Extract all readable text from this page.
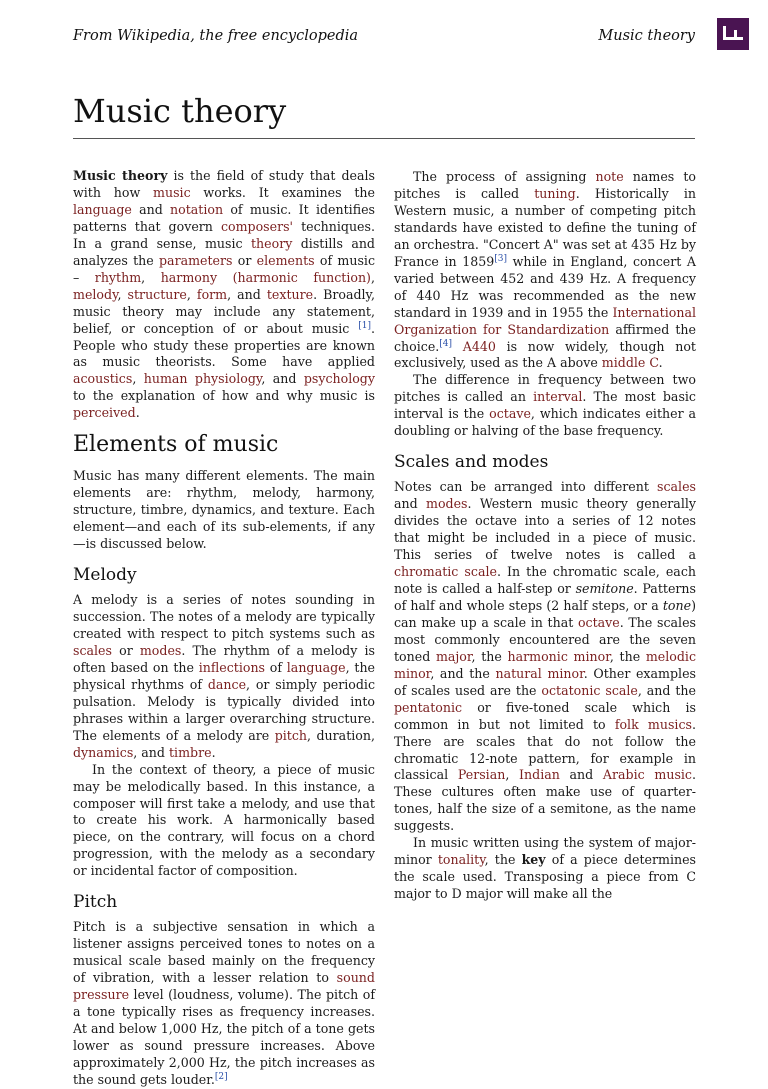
From Wikipedia, the free encyclopedia	Music theory
Music theory

Music theory is the field of study that deals with how music works. It examines the language and notation of music. It identifies patterns that govern composers' techniques. In a grand sense, music theory distills and analyzes the parameters or elements of music – rhythm, harmony (harmonic function), melody, structure, form, and texture. Broadly, music theory may include any statement, belief, or conception of or about music [1]. People who study these properties are known as music theorists. Some have applied acoustics, human physiology, and psychology to the explanation of how and why music is perceived.

Elements of music

Music has many different elements. The main elements are: rhythm, melody, harmony, structure, timbre, dynamics, and texture. Each element—and each of its sub-elements, if any—is discussed below.

Melody

A melody is a series of notes sounding in succession. The notes of a melody are typically created with respect to pitch systems such as scales or modes. The rhythm of a melody is often based on the inflections of language, the physical rhythms of dance, or simply periodic pulsation. Melody is typically divided into phrases within a larger overarching structure. The elements of a melody are pitch, duration, dynamics, and timbre.

In the context of theory, a piece of music may be melodically based. In this instance, a composer will first take a melody, and use that to create his work. A harmonically based piece, on the contrary, will focus on a chord progression, with the melody as a secondary or incidental factor of composition.

Pitch

Pitch is a subjective sensation in which a listener assigns perceived tones to notes on a musical scale based mainly on the frequency of vibration, with a lesser relation to sound pressure level (loudness, volume). The pitch of a tone typically rises as frequency increases. At and below 1,000 Hz, the pitch of a tone gets lower as sound pressure increases. Above approximately 2,000 Hz, the pitch increases as the sound gets louder.[2]

The process of assigning note names to pitches is called tuning. Historically in Western music, a number of competing pitch standards have existed to define the tuning of an orchestra. "Concert A" was set at 435 Hz by France in 1859[3] while in England, concert A varied between 452 and 439 Hz. A frequency of 440 Hz was recommended as the new standard in 1939 and in 1955 the International Organization for Standardization affirmed the choice.[4] A440 is now widely, though not exclusively, used as the A above middle C.

The difference in frequency between two pitches is called an interval. The most basic interval is the octave, which indicates either a doubling or halving of the base frequency.

Scales and modes

Notes can be arranged into different scales and modes. Western music theory generally divides the octave into a series of 12 notes that might be included in a piece of music. This series of twelve notes is called a chromatic scale. In the chromatic scale, each note is called a half-step or semitone. Patterns of half and whole steps (2 half steps, or a tone) can make up a scale in that octave. The scales most commonly encountered are the seven toned major, the harmonic minor, the melodic minor, and the natural minor. Other examples of scales used are the octatonic scale, and the pentatonic or five-toned scale which is common in but not limited to folk musics. There are scales that do not follow the chromatic 12-note pattern, for example in classical Persian, Indian and Arabic music. These cultures often make use of quarter-tones, half the size of a semitone, as the name suggests.

In music written using the system of major-minor tonality, the key of a piece determines the scale used. Transposing a piece from C major to D major will make all the
